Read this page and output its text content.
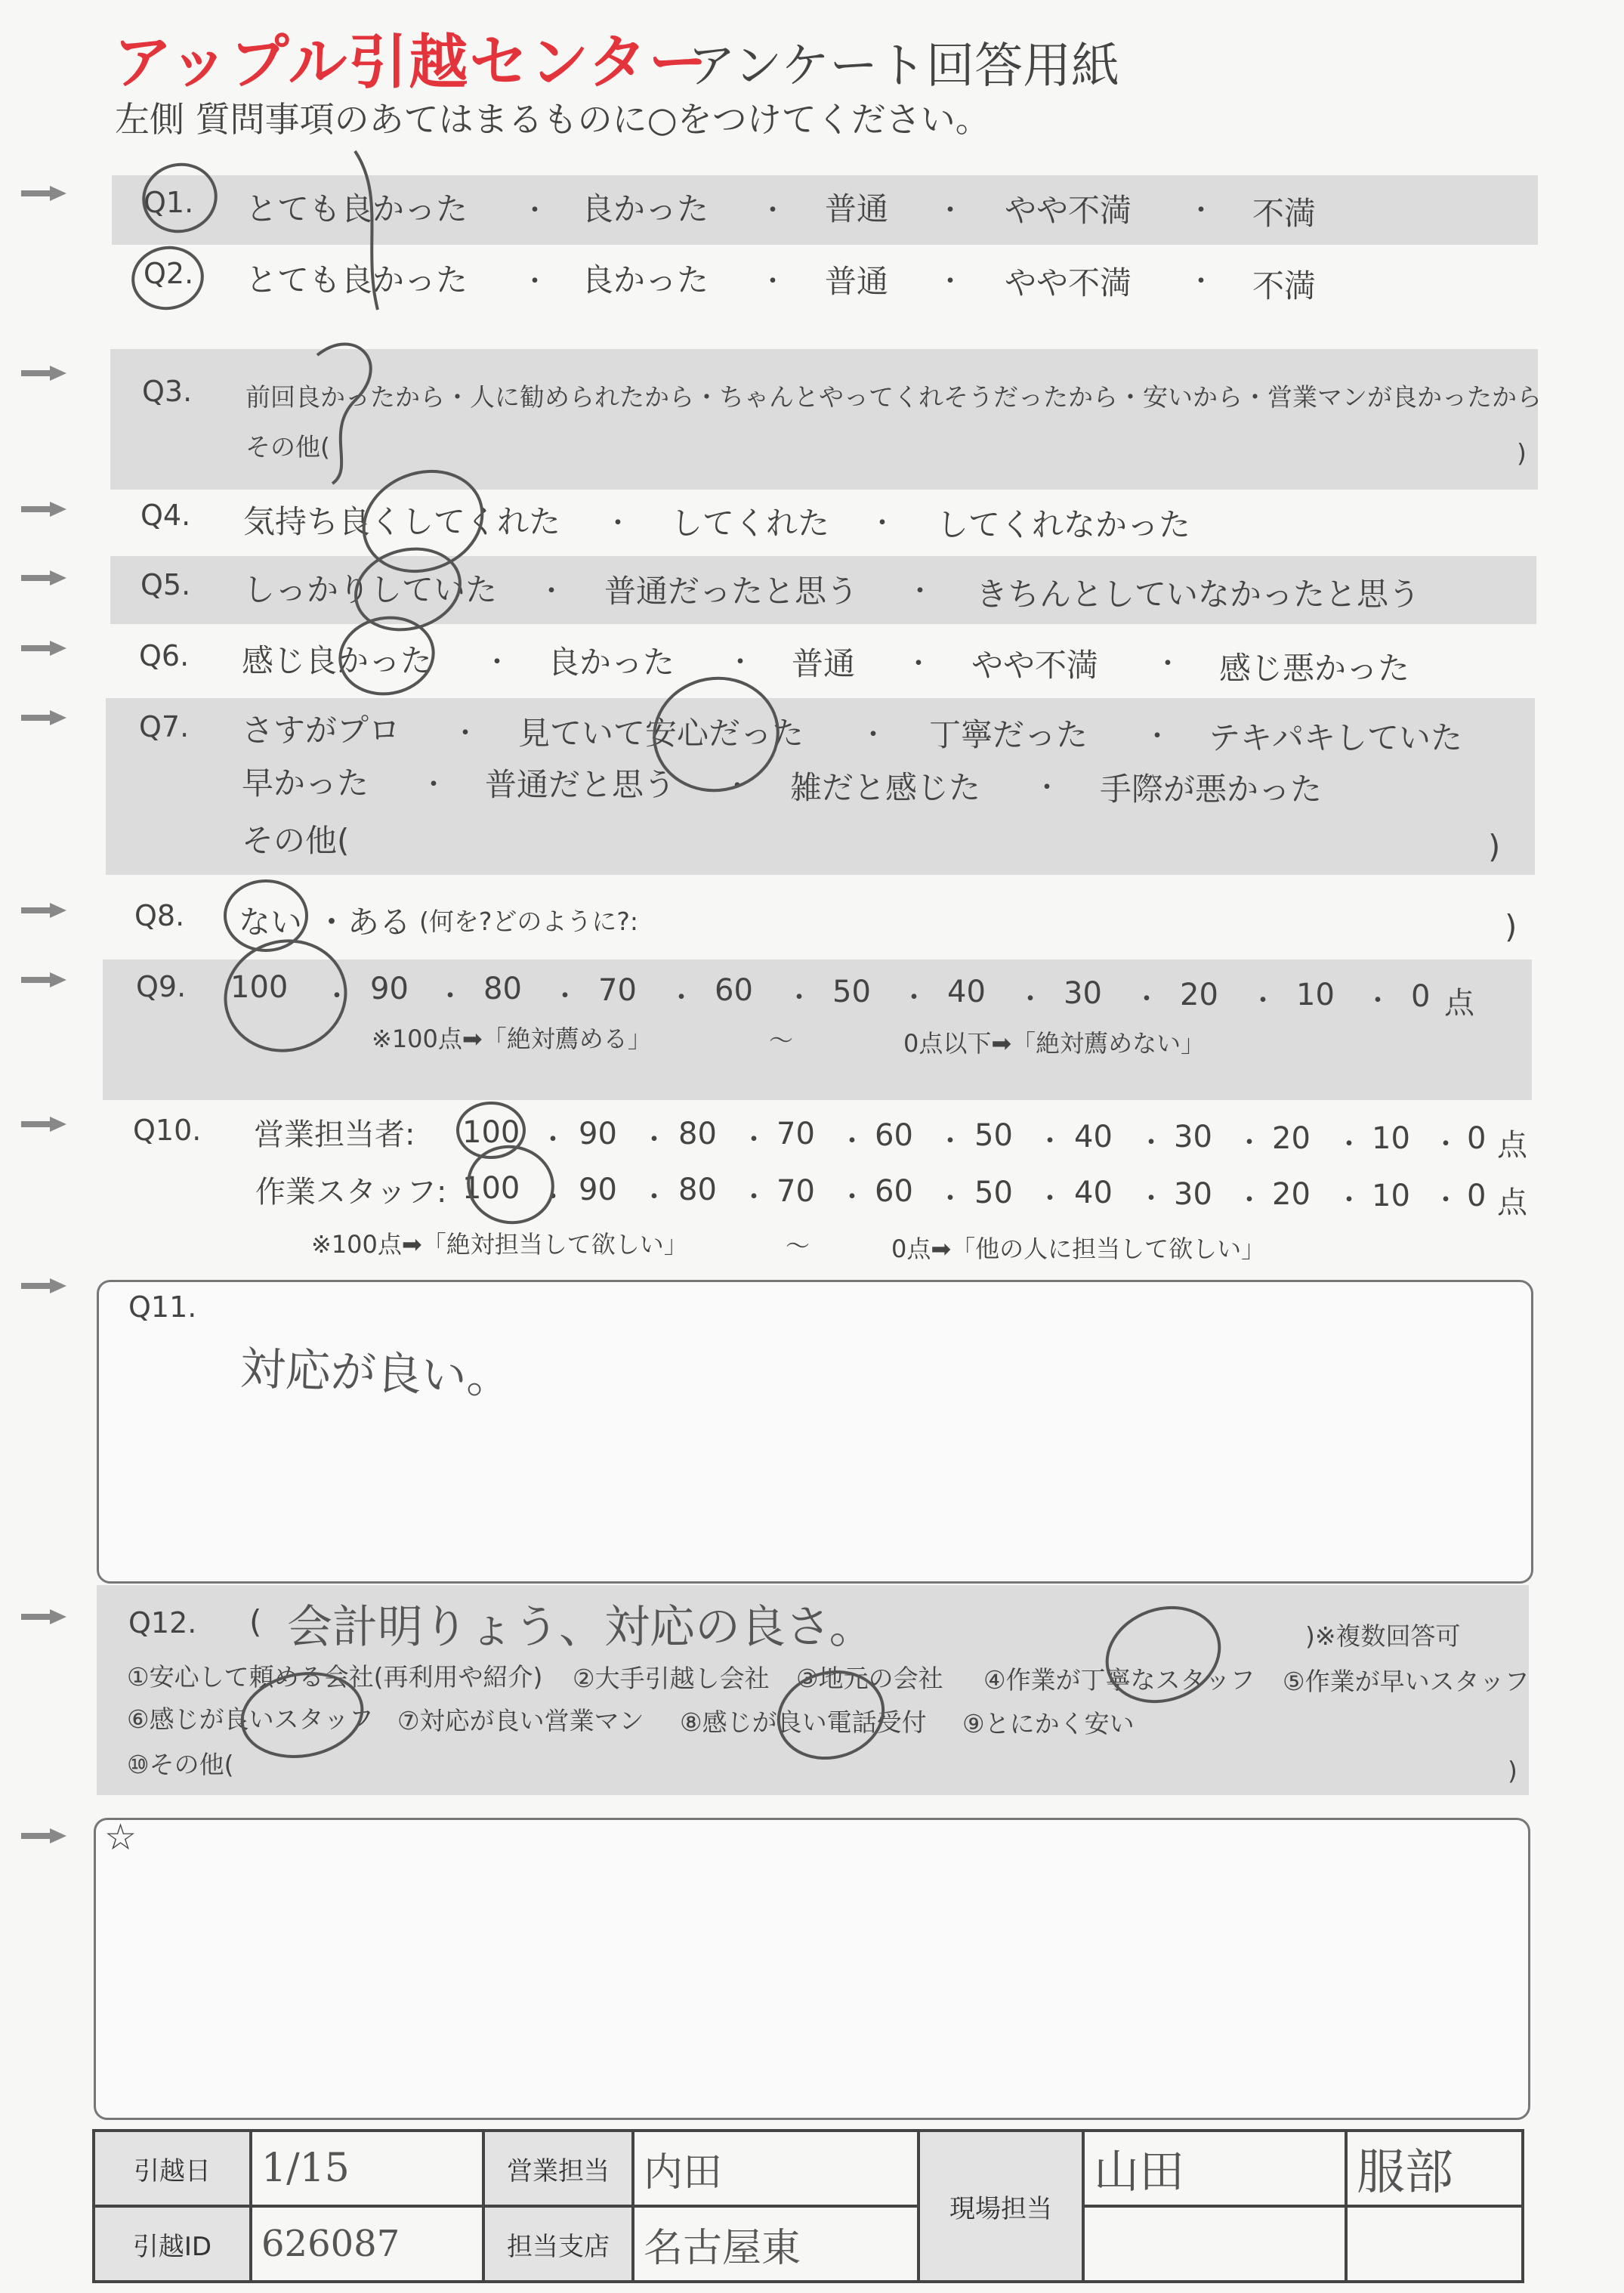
アップル引越センター
アンケート回答用紙
左側 質問事項のあてはまるものに○をつけてください。
Q1. とても良かった ・ 良かった ・ 普通 ・ やや不満 ・ 不満
Q2. とても良かった ・ 良かった ・ 普通 ・ やや不満 ・ 不満
Q3. 前回良かったから・人に勧められたから・ちゃんとやってくれそうだったから・安いから・営業マンが良かったから
その他(	)
Q4. 気持ち良くしてくれた ・ してくれた ・ してくれなかった
Q5. しっかりしていた ・ 普通だったと思う ・ きちんとしていなかったと思う
Q6. 感じ良かった ・ 良かった ・ 普通 ・ やや不満 ・ 感じ悪かった
Q7. さすがプロ ・ 見ていて安心だった ・ 丁寧だった ・ テキパキしていた
早かった ・ 普通だと思う ・ 雑だと感じた ・ 手際が悪かった
その他(	)
Q8. ない ・ある (何を?どのように?:	)
Q9. 100 ・ 90 ・ 80 ・ 70 ・ 60 ・ 50 ・ 40 ・ 30 ・ 20 ・ 10 ・ 0 点
※100点➡「絶対薦める」	〜	0点以下➡「絶対薦めない」
Q10. 営業担当者: 100 ・ 90 ・ 80 ・ 70 ・ 60 ・ 50 ・ 40 ・ 30 ・ 20 ・ 10 ・ 0 点
作業スタッフ: 100 ・ 90 ・ 80 ・ 70 ・ 60 ・ 50 ・ 40 ・ 30 ・ 20 ・ 10 ・ 0 点
※100点➡「絶対担当して欲しい」	〜	0点➡「他の人に担当して欲しい」
Q11.
対応が良い。
Q12. ( 会計明りょう、対応の良さ。	)※複数回答可
①安心して頼める会社(再利用や紹介) ②大手引越し会社 ③地元の会社 ④作業が丁寧なスタッフ ⑤作業が早いスタッフ
⑥感じが良いスタッフ ⑦対応が良い営業マン ⑧感じが良い電話受付 ⑨とにかく安い
⑩その他(	)
☆
引越日	1/15	営業担当	内田	現場担当	山田	服部
引越ID	626087	担当支店	名古屋東			
